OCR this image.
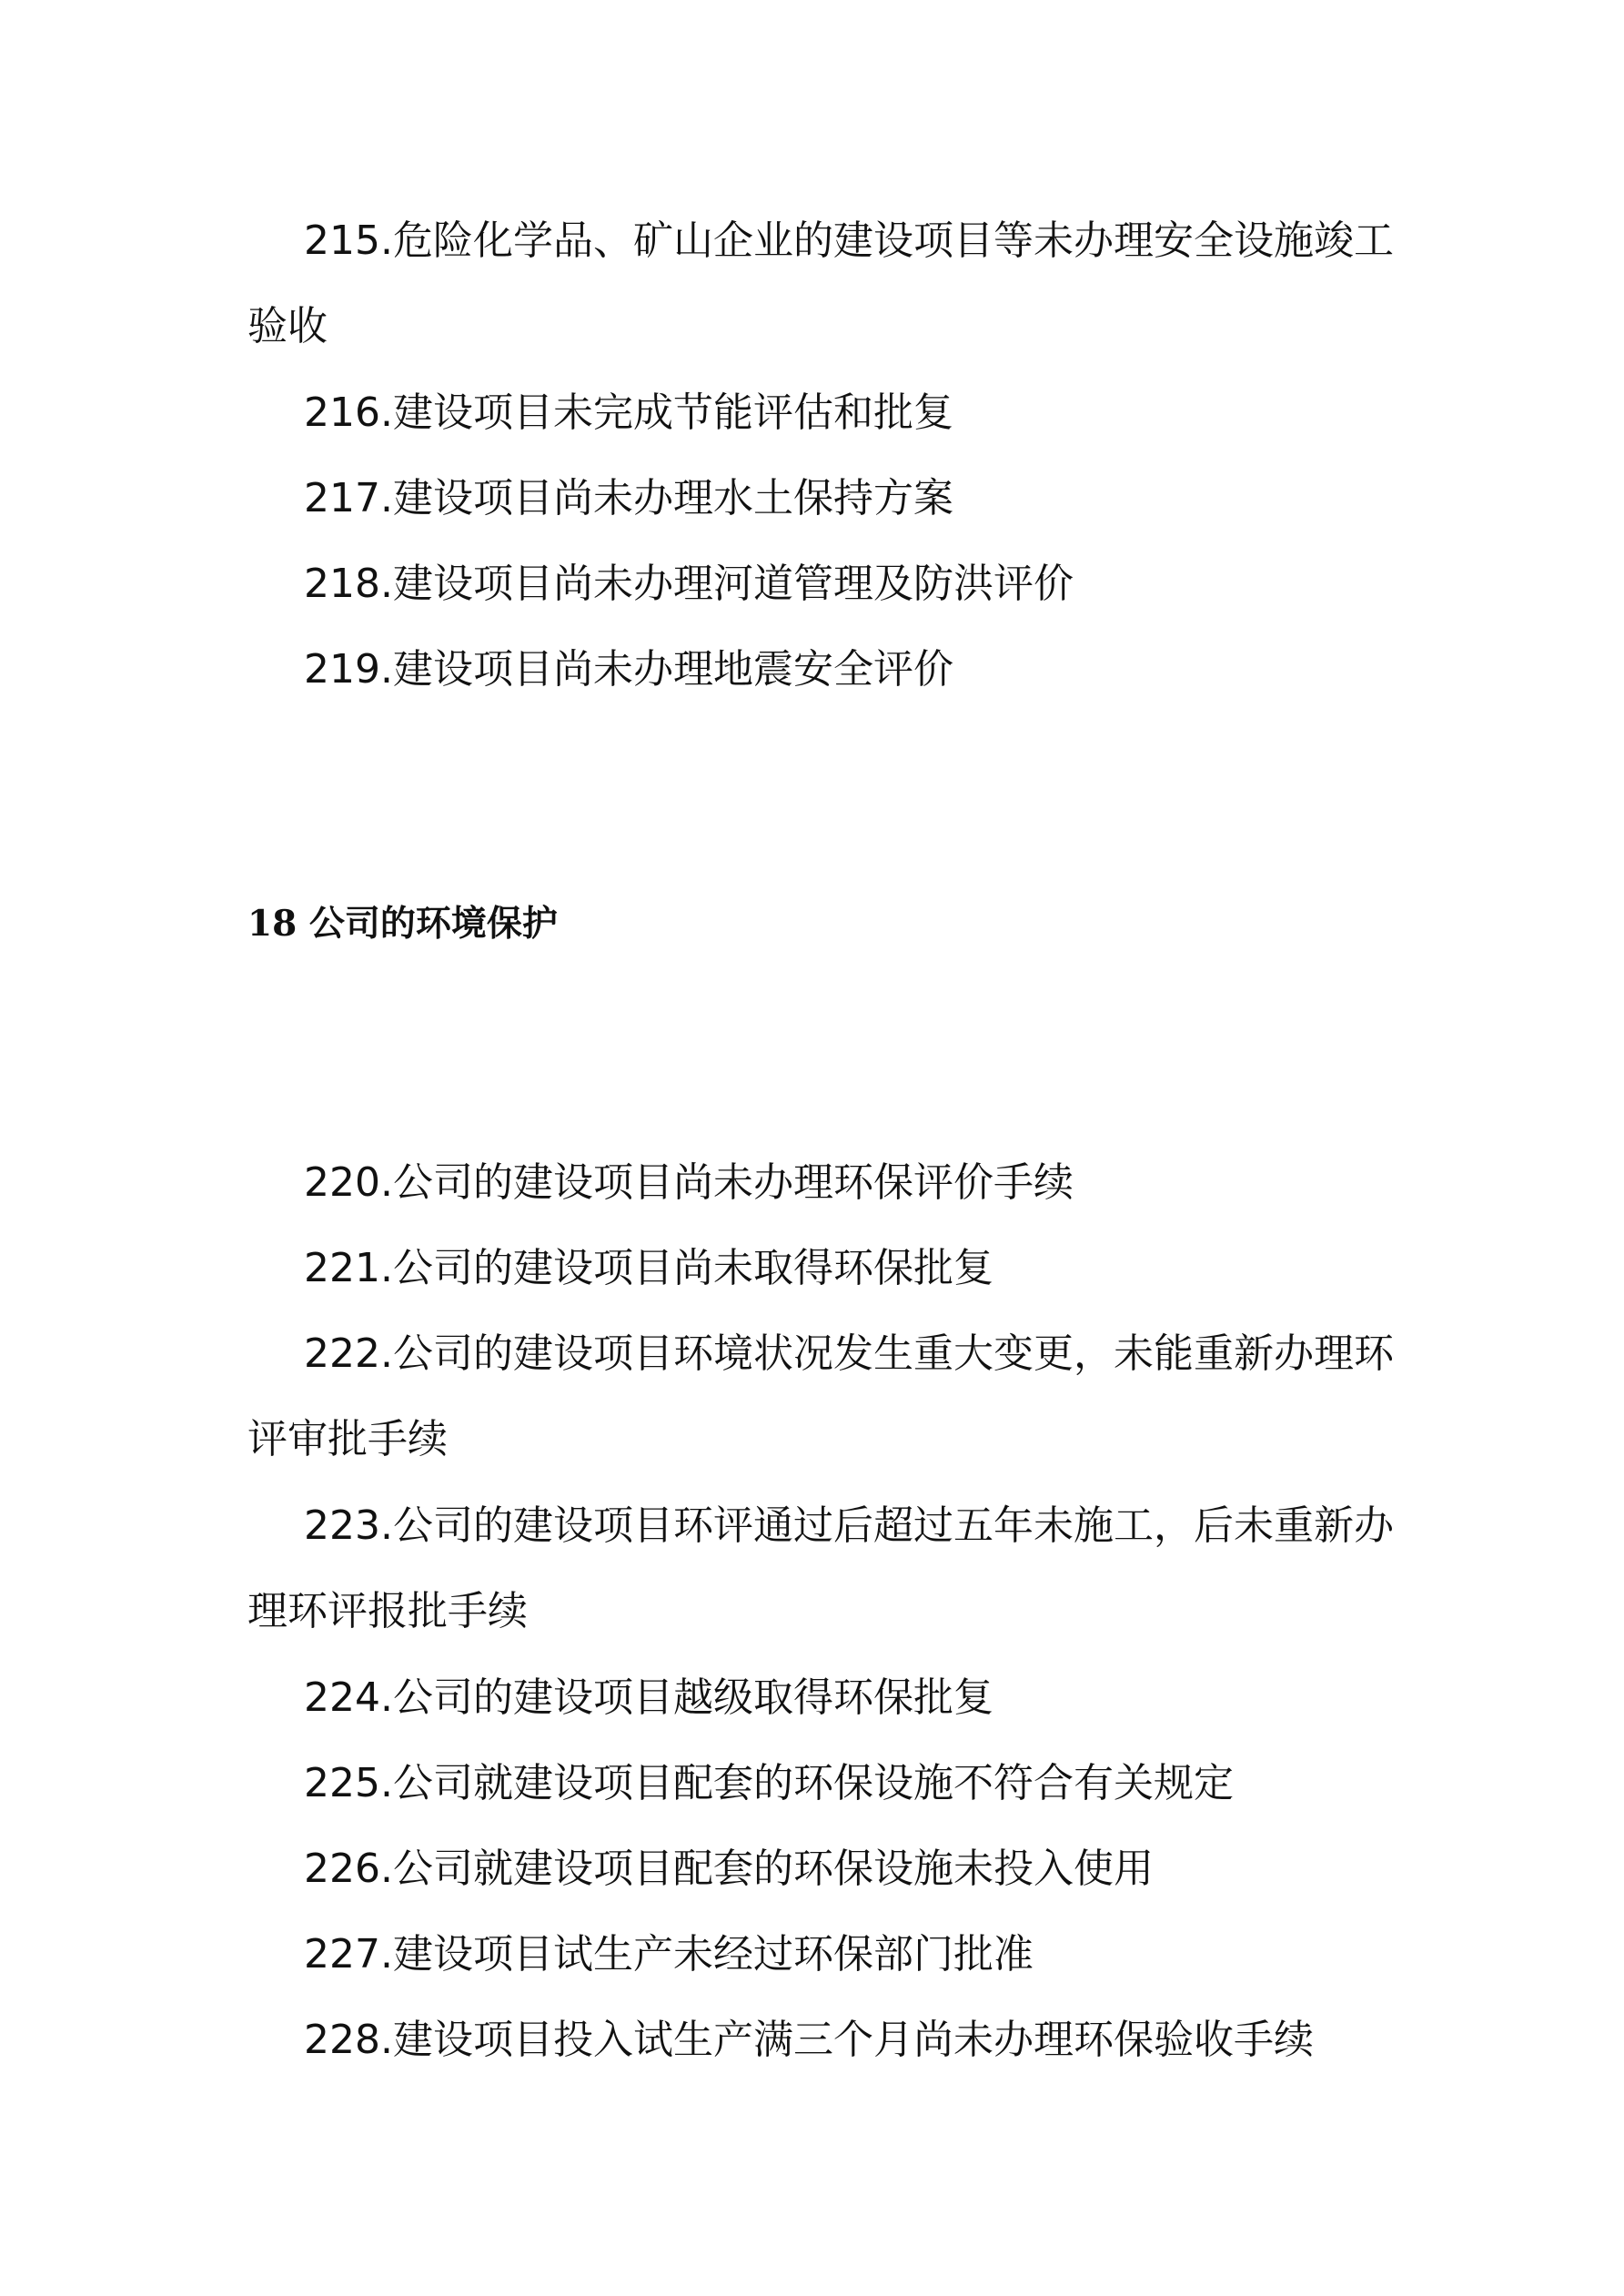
215.危险化学品、矿山企业的建设项目等未办理安全设施竣工验收

216.建设项目未完成节能评估和批复

217.建设项目尚未办理水土保持方案

218.建设项目尚未办理河道管理及防洪评价

219.建设项目尚未办理地震安全评价

18 公司的环境保护

220.公司的建设项目尚未办理环保评价手续

221.公司的建设项目尚未取得环保批复

222.公司的建设项目环境状况发生重大变更，未能重新办理环评审批手续

223.公司的建设项目环评通过后超过五年未施工，后未重新办理环评报批手续

224.公司的建设项目越级取得环保批复

225.公司就建设项目配套的环保设施不符合有关规定

226.公司就建设项目配套的环保设施未投入使用

227.建设项目试生产未经过环保部门批准

228.建设项目投入试生产满三个月尚未办理环保验收手续
